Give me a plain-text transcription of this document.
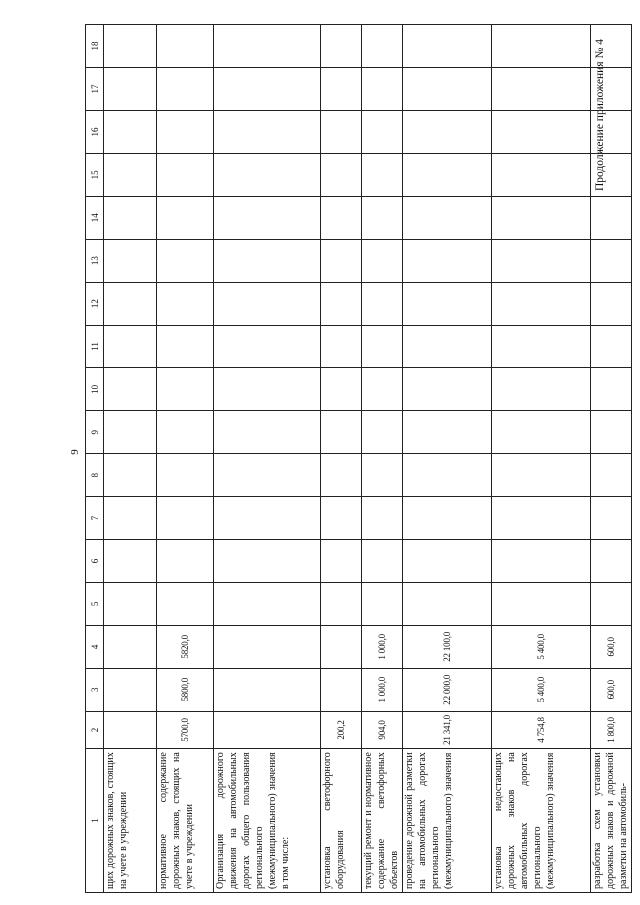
9
Продолжение приложения № 4
1	2	3	4	5	6	7	8	9	10	11	12	13	14	15	16	17	18
щих дорожных знаков, стоящих на учете в учреждении																	
нормативное содержание дорожных знаков, стоящих на учете в учреждении	5700,0	5800,0	5820,0														
Организация дорожного движения на автомобильных дорогах общего пользования регионального (межмуниципального) значения в том числе:																	
установка светофорного оборудования	200,2																
текущий ремонт и нормативное содержание светофорных объектов	904,0	1 000,0	1 000,0														
проведение дорожной разметки на автомобильных дорогах регионального (межмуниципального) значения	21 341,0	22 000,0	22 100,0														
установка недостающих дорожных знаков на автомобильных дорогах регионального (межмуниципального) значения	4 754,8	5 400,0	5 400,0														
разработка схем установки дорожных знаков и дорожной разметки на автомобиль-	1 800,0	600,0	600,0														
